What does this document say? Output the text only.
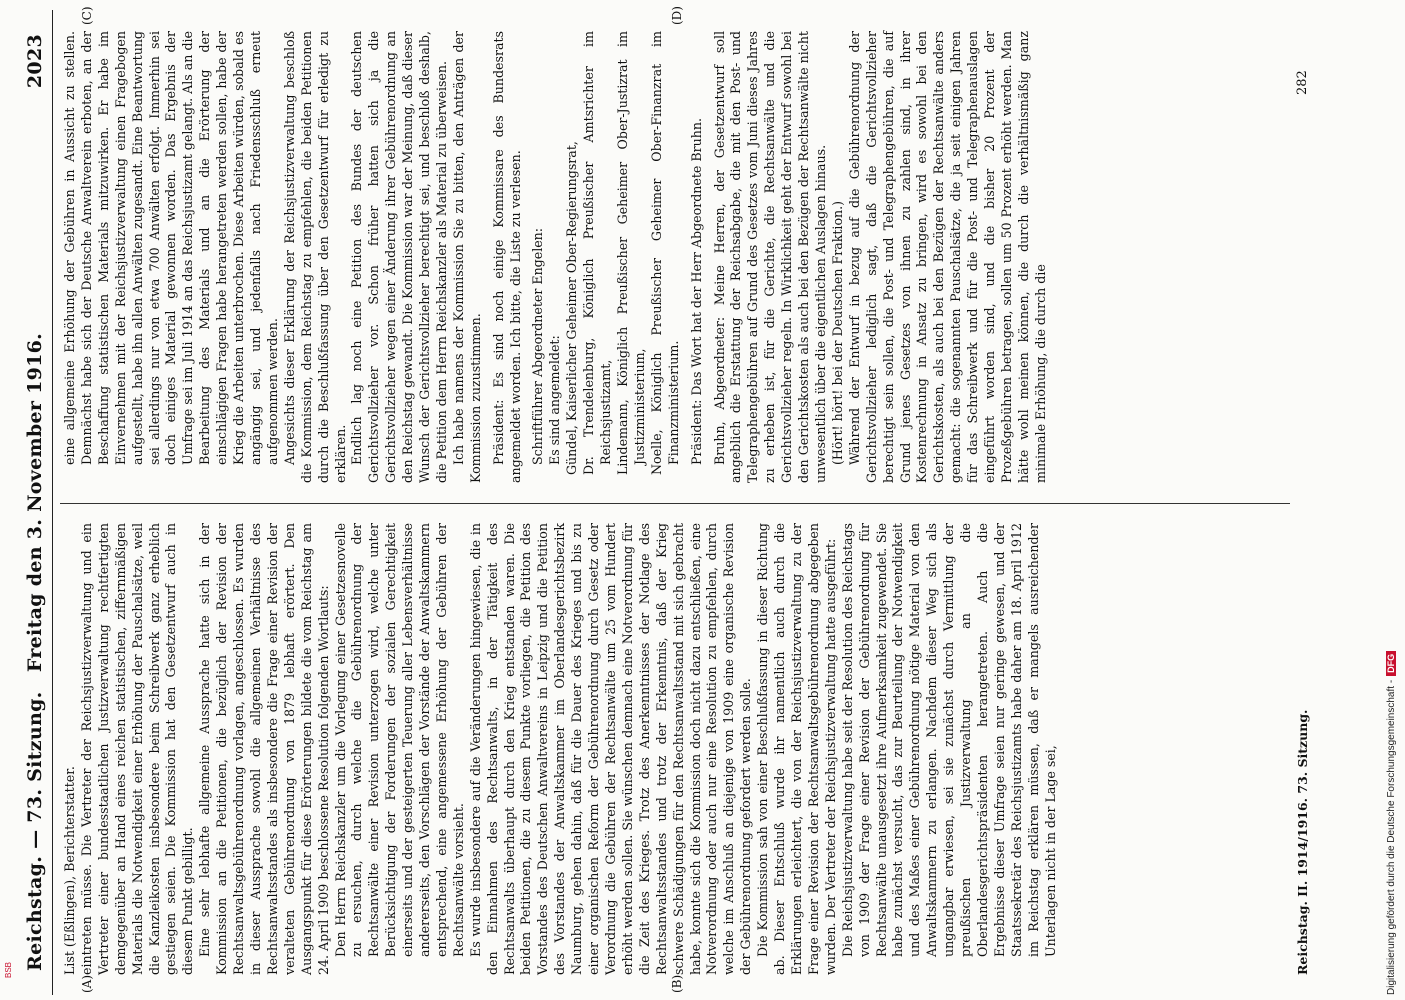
Reichstag. — 73. Sitzung.
Freitag den 3. November 1916.
2023
(A)	(B)
(C)	(D)

List (Eßlingen), Berichterstatter. eintreten müsse. Die Vertreter der Reichsjustizverwaltung und ein Vertreter einer bundesstaatlichen Justizverwaltung rechtfertigten demgegenüber an Hand eines reichen statistischen, ziffernmäßigen Materials die Notwendigkeit einer Erhöhung der Pauschalsätze, weil die Kanzleikosten insbesondere beim Schreibwerk ganz erheblich gestiegen seien. Die Kommission hat den Gesetzentwurf auch in diesem Punkt gebilligt. Eine sehr lebhafte allgemeine Aussprache hatte sich in der Kommission an die Petitionen, die bezüglich der Revision der Rechtsanwaltsgebührenordnung vorlagen, angeschlossen. Es wurden in dieser Aussprache sowohl die allgemeinen Verhältnisse des Rechtsanwaltsstandes als insbesondere die Frage einer Revision der veralteten Gebührenordnung von 1879 lebhaft erörtert. Den Ausgangspunkt für diese Erörterungen bildete die vom Reichstag am 24. April 1909 beschlossene Resolution folgenden Wortlauts: Den Herrn Reichskanzler um die Vorlegung einer Gesetzesnovelle zu ersuchen, durch welche die Gebührenordnung der Rechtsanwälte einer Revision unterzogen wird, welche unter Berücksichtigung der Forderungen der sozialen Gerechtigkeit einerseits und der gesteigerten Teuerung aller Lebensverhältnisse andererseits, den Vorschlägen der Vorstände der Anwaltskammern entsprechend, eine angemessene Erhöhung der Gebühren der Rechtsanwälte vorsieht. Es wurde insbesondere auf die Veränderungen hingewiesen, die in den Einnahmen des Rechtsanwalts, in der Tätigkeit des Rechtsanwalts überhaupt durch den Krieg entstanden waren. Die beiden Petitionen, die zu diesem Punkte vorliegen, die Petition des Vorstandes des Deutschen Anwaltvereins in Leipzig und die Petition des Vorstandes der Anwaltskammer im Oberlandesgerichtsbezirk Naumburg, gehen dahin, daß für die Dauer des Krieges und bis zu einer organischen Reform der Gebührenordnung durch Gesetz oder Verordnung die Gebühren der Rechtsanwälte um 25 vom Hundert erhöht werden sollen. Sie wünschen demnach eine Notverordnung für die Zeit des Krieges. Trotz des Anerkenntnisses der Notlage des Rechtsanwaltsstandes und trotz der Erkenntnis, daß der Krieg schwere Schädigungen für den Rechtsanwaltsstand mit sich gebracht habe, konnte sich die Kommission doch nicht dazu entschließen, eine Notverordnung oder auch nur eine Resolution zu empfehlen, durch welche im Anschluß an diejenige von 1909 eine organische Revision der Gebührenordnung gefordert werden solle. Die Kommission sah von einer Beschlußfassung in dieser Richtung ab. Dieser Entschluß wurde ihr namentlich auch durch die Erklärungen erleichtert, die von der Reichsjustizverwaltung zu der Frage einer Revision der Rechtsanwaltsgebührenordnung abgegeben wurden. Der Vertreter der Reichsjustizverwaltung hatte ausgeführt: Die Reichsjustizverwaltung habe seit der Resolution des Reichstags von 1909 der Frage einer Revision der Gebührenordnung für Rechtsanwälte unausgesetzt ihre Aufmerksamkeit zugewendet. Sie habe zunächst versucht, das zur Beurteilung der Notwendigkeit und des Maßes einer Gebührenordnung nötige Material von den Anwaltskammern zu erlangen. Nachdem dieser Weg sich als ungangbar erwiesen, sei sie zunächst durch Vermittlung der preußischen Justizverwaltung an die Oberlandesgerichtspräsidenten herangetreten. Auch die Ergebnisse dieser Umfrage seien nur geringe gewesen, und der Staatssekretär des Reichsjustizamts habe daher am 18. April 1912 im Reichstag erklären müssen, daß er mangels ausreichender Unterlagen nicht in der Lage sei,

eine allgemeine Erhöhung der Gebühren in Aussicht zu stellen. Demnächst habe sich der Deutsche Anwaltverein erboten, an der Beschaffung statistischen Materials mitzuwirken. Er habe im Einvernehmen mit der Reichsjustizverwaltung einen Fragebogen aufgestellt, habe ihn allen Anwälten zugesandt. Eine Beantwortung sei allerdings nur von etwa 700 Anwälten erfolgt. Immerhin sei doch einiges Material gewonnen worden. Das Ergebnis der Umfrage sei im Juli 1914 an das Reichsjustizamt gelangt. Als an die Bearbeitung des Materials und an die Erörterung der einschlägigen Fragen habe herangetreten werden sollen, habe der Krieg die Arbeiten unterbrochen. Diese Arbeiten würden, sobald es angängig sei, und jedenfalls nach Friedensschluß erneut aufgenommen werden. Angesichts dieser Erklärung der Reichsjustizverwaltung beschloß die Kommission, dem Reichstag zu empfehlen, die beiden Petitionen durch die Beschlußfassung über den Gesetzentwurf für erledigt zu erklären. Endlich lag noch eine Petition des Bundes der deutschen Gerichtsvollzieher vor. Schon früher hatten sich ja die Gerichtsvollzieher wegen einer Änderung ihrer Gebührenordnung an den Reichstag gewandt. Die Kommission war der Meinung, daß dieser Wunsch der Gerichtsvollzieher berechtigt sei, und beschloß deshalb, die Petition dem Herrn Reichskanzler als Material zu überweisen. Ich habe namens der Kommission Sie zu bitten, den Anträgen der Kommission zuzustimmen. Präsident: Es sind noch einige Kommissare des Bundesrats angemeldet worden. Ich bitte, die Liste zu verlesen. Schriftführer Abgeordneter Engelen: Es sind angemeldet: Gündel, Kaiserlicher Geheimer Ober-Regierungsrat, Dr. Trendelenburg, Königlich Preußischer Amtsrichter im Reichsjustizamt, Lindemann, Königlich Preußischer Geheimer Ober-Justizrat im Justizministerium, Noelle, Königlich Preußischer Geheimer Ober-Finanzrat im Finanzministerium. Präsident: Das Wort hat der Herr Abgeordnete Bruhn. Bruhn, Abgeordneter: Meine Herren, der Gesetzentwurf soll angeblich die Erstattung der Reichsabgabe, die mit den Post- und Telegraphengebühren auf Grund des Gesetzes vom Juni dieses Jahres zu erheben ist, für die Gerichte, die Rechtsanwälte und die Gerichtsvollzieher regeln. In Wirklichkeit geht der Entwurf sowohl bei den Gerichtskosten als auch bei den Bezügen der Rechtsanwälte nicht unwesentlich über die eigentlichen Auslagen hinaus. (Hört! hört! bei der Deutschen Fraktion.) Während der Entwurf in bezug auf die Gebührenordnung der Gerichtsvollzieher lediglich sagt, daß die Gerichtsvollzieher berechtigt sein sollen, die Post- und Telegraphengebühren, die auf Grund jenes Gesetzes von ihnen zu zahlen sind, in ihrer Kostenrechnung in Ansatz zu bringen, wird es sowohl bei den Gerichtskosten, als auch bei den Bezügen der Rechtsanwälte anders gemacht: die sogenannten Pauschalsätze, die ja seit einigen Jahren für das Schreibwerk und für die Post- und Telegraphenauslagen eingeführt worden sind, und die bisher 20 Prozent der Prozeßgebühren betragen, sollen um 50 Prozent erhöht werden. Man hätte wohl meinen können, die durch die verhältnismäßig ganz minimale Erhöhung, die durch die

Reichstag. II. 1914/1916. 73. Sitzung.
282
BSB	Digitalisierung gefördert durch die Deutsche Forschungsgemeinschaft -DFG
